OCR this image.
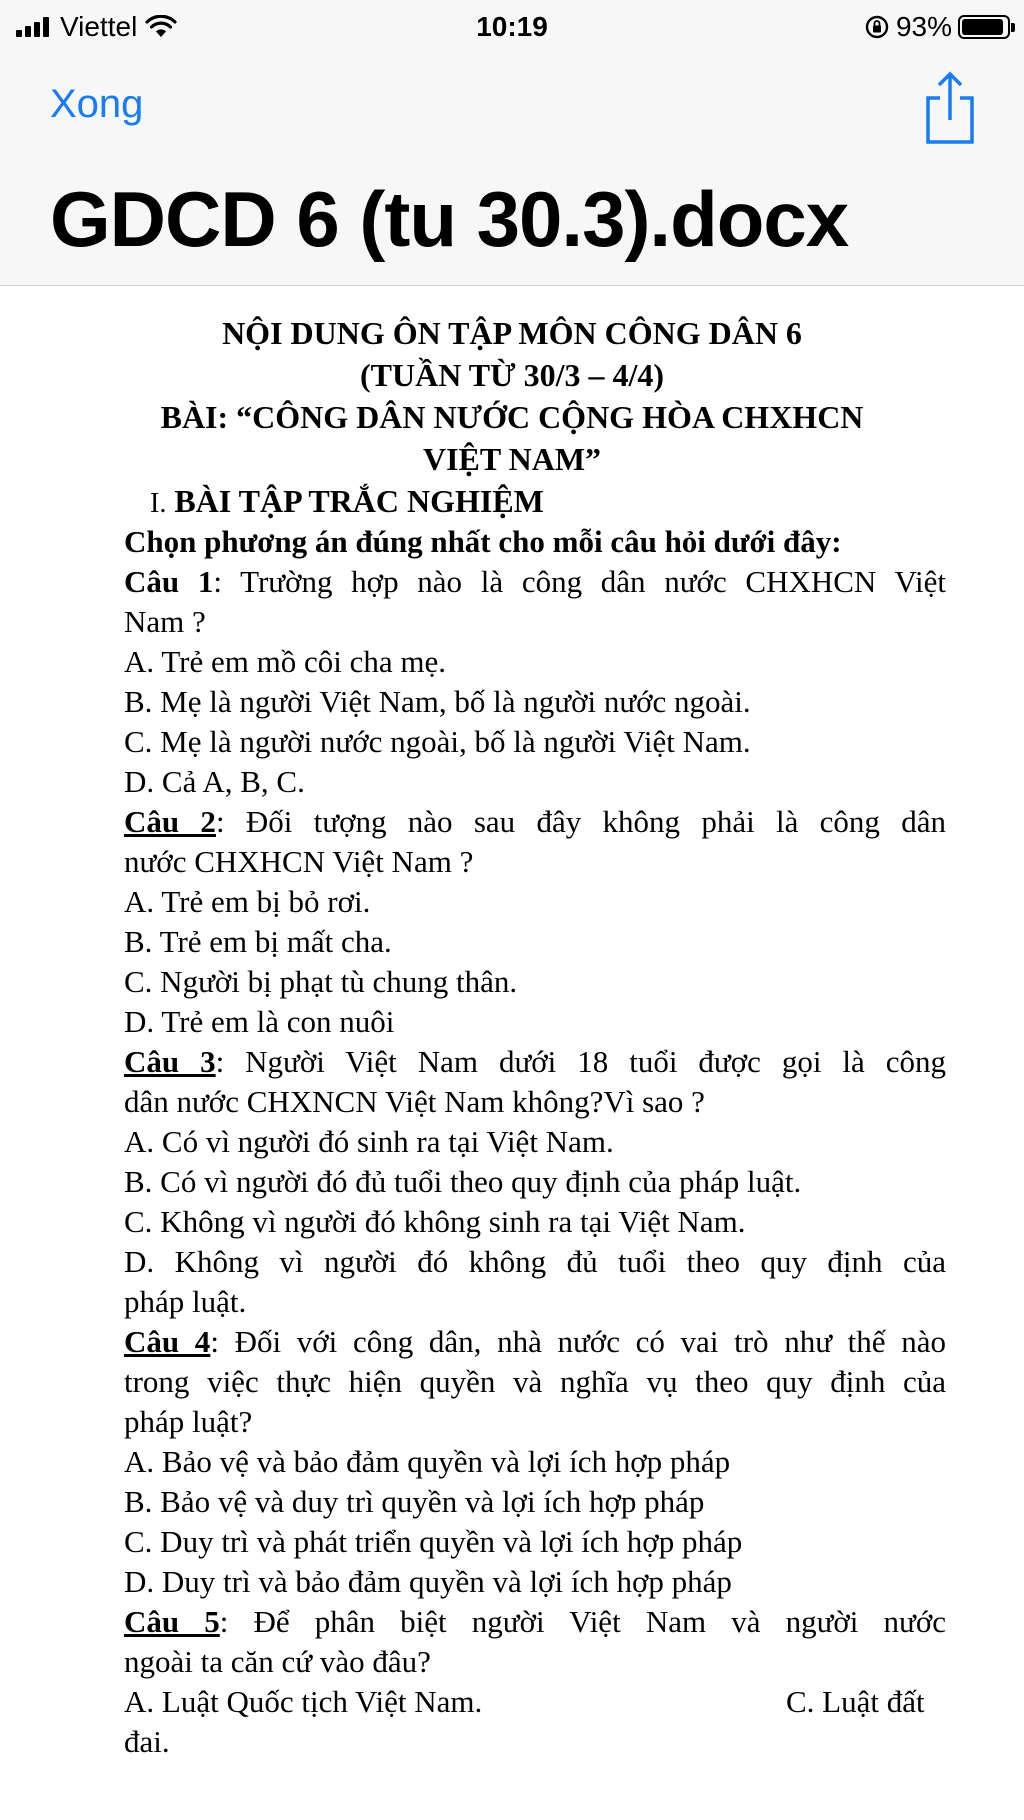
Viettel	10:19	93%
Xong
GDCD 6 (tu 30.3).docx
NỘI DUNG ÔN TẬP MÔN CÔNG DÂN 6
(TUẦN TỪ 30/3 – 4/4)
BÀI: “CÔNG DÂN NƯỚC CỘNG HÒA CHXHCN
VIỆT NAM”
I. BÀI TẬP TRẮC NGHIỆM
Chọn phương án đúng nhất cho mỗi câu hỏi dưới đây:
Câu 1: Trường hợp nào là công dân nước CHXHCN Việt
Nam ?
A. Trẻ em mồ côi cha mẹ.
B. Mẹ là người Việt Nam, bố là người nước ngoài.
C. Mẹ là người nước ngoài, bố là người Việt Nam.
D. Cả A, B, C.
Câu 2: Đối tượng nào sau đây không phải là công dân
nước CHXHCN Việt Nam ?
A. Trẻ em bị bỏ rơi.
B. Trẻ em bị mất cha.
C. Người bị phạt tù chung thân.
D. Trẻ em là con nuôi
Câu 3: Người Việt Nam dưới 18 tuổi được gọi là công
dân nước CHXNCN Việt Nam không?Vì sao ?
A. Có vì người đó sinh ra tại Việt Nam.
B. Có vì người đó đủ tuổi theo quy định của pháp luật.
C. Không vì người đó không sinh ra tại Việt Nam.
D. Không vì người đó không đủ tuổi theo quy định của
pháp luật.
Câu 4: Đối với công dân, nhà nước có vai trò như thế nào
trong việc thực hiện quyền và nghĩa vụ theo quy định của
pháp luật?
A. Bảo vệ và bảo đảm quyền và lợi ích hợp pháp
B. Bảo vệ và duy trì quyền và lợi ích hợp pháp
C. Duy trì và phát triển quyền và lợi ích hợp pháp
D. Duy trì và bảo đảm quyền và lợi ích hợp pháp
Câu 5: Để phân biệt người Việt Nam và người nước
ngoài ta căn cứ vào đâu?
A. Luật Quốc tịch Việt Nam.	C. Luật đất
đai.
